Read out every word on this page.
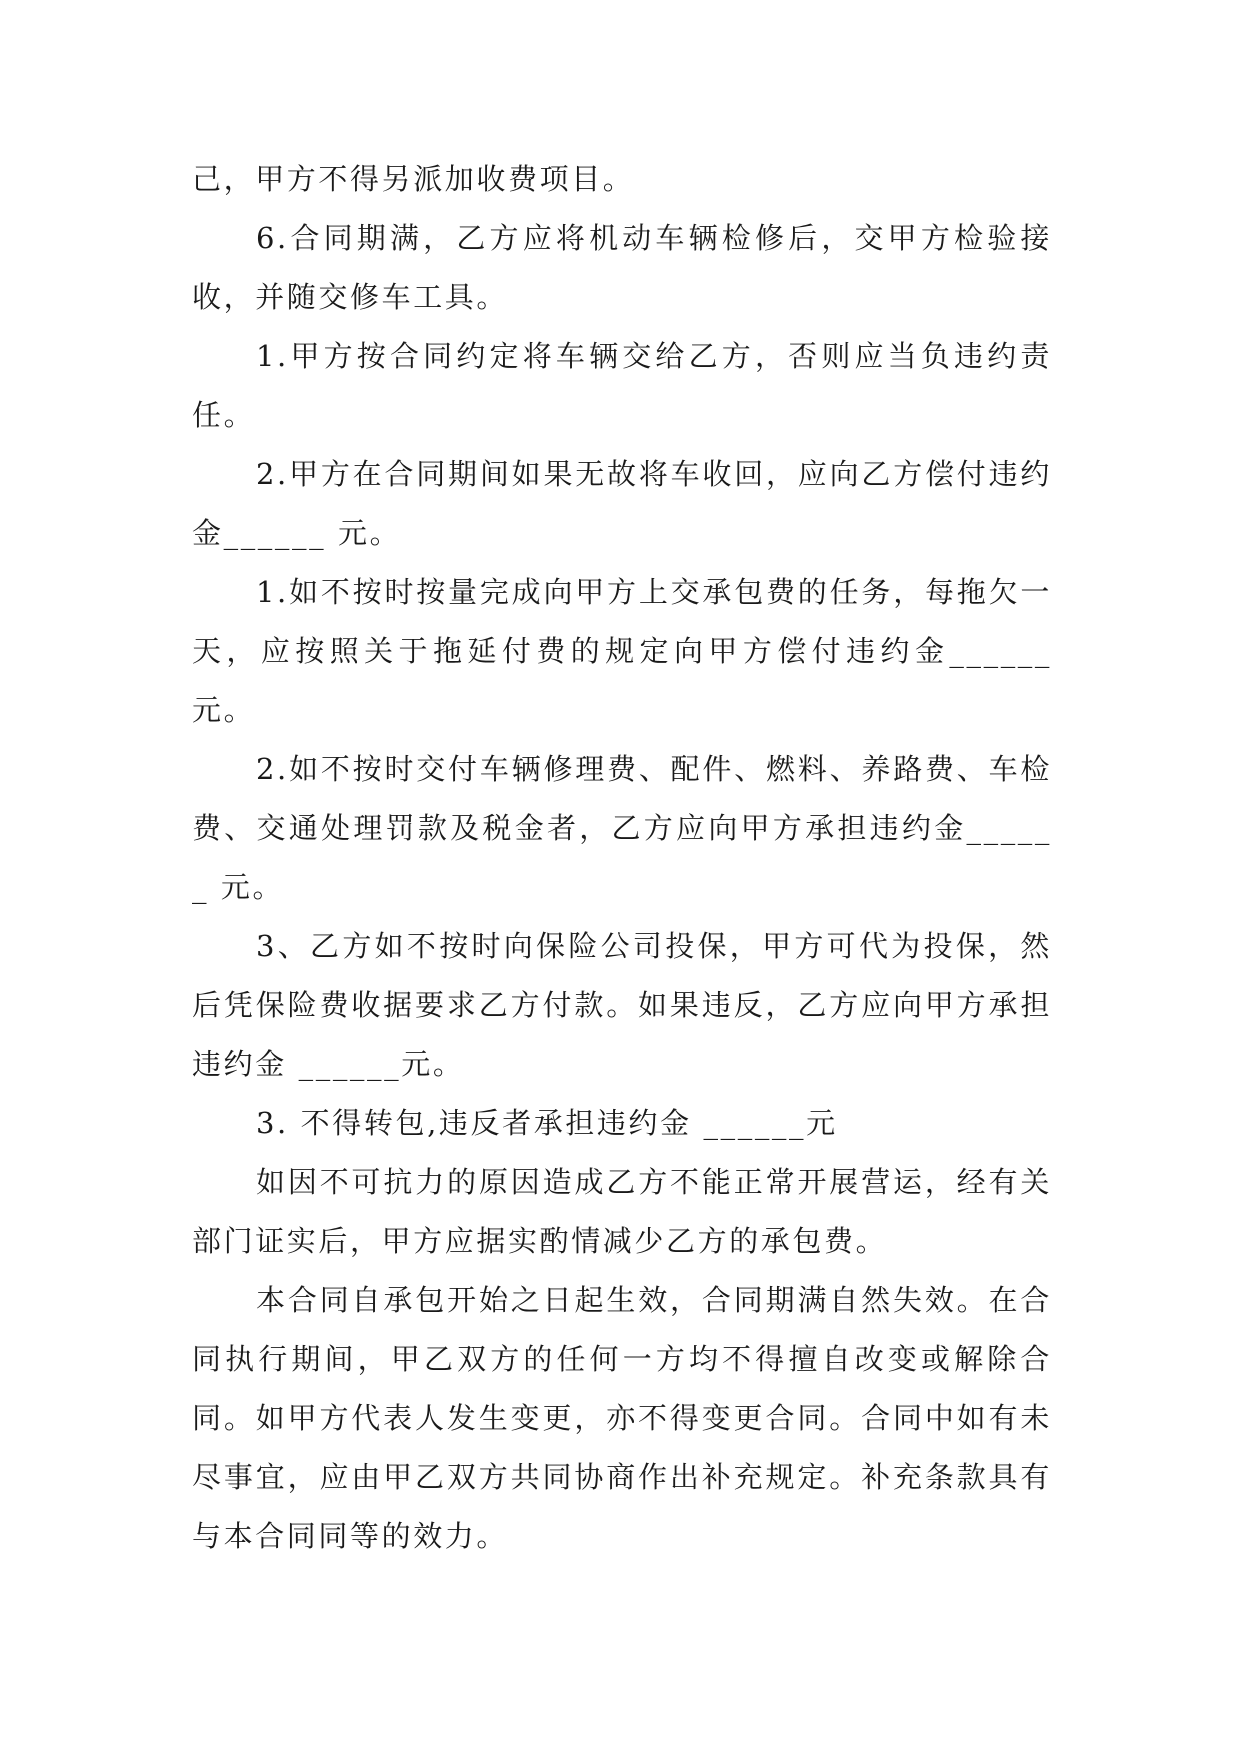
己，甲方不得另派加收费项目。

6.合同期满，乙方应将机动车辆检修后，交甲方检验接收，并随交修车工具。

1.甲方按合同约定将车辆交给乙方，否则应当负违约责任。

2.甲方在合同期间如果无故将车收回，应向乙方偿付违约金______ 元。

1.如不按时按量完成向甲方上交承包费的任务，每拖欠一天，应按照关于拖延付费的规定向甲方偿付违约金______元。

2.如不按时交付车辆修理费、配件、燃料、养路费、车检费、交通处理罚款及税金者，乙方应向甲方承担违约金______ 元。

3、乙方如不按时向保险公司投保，甲方可代为投保，然后凭保险费收据要求乙方付款。如果违反，乙方应向甲方承担违约金 ______元。

3. 不得转包,违反者承担违约金 ______元

如因不可抗力的原因造成乙方不能正常开展营运，经有关部门证实后，甲方应据实酌情减少乙方的承包费。

本合同自承包开始之日起生效，合同期满自然失效。在合同执行期间，甲乙双方的任何一方均不得擅自改变或解除合同。如甲方代表人发生变更，亦不得变更合同。合同中如有未尽事宜，应由甲乙双方共同协商作出补充规定。补充条款具有与本合同同等的效力。
